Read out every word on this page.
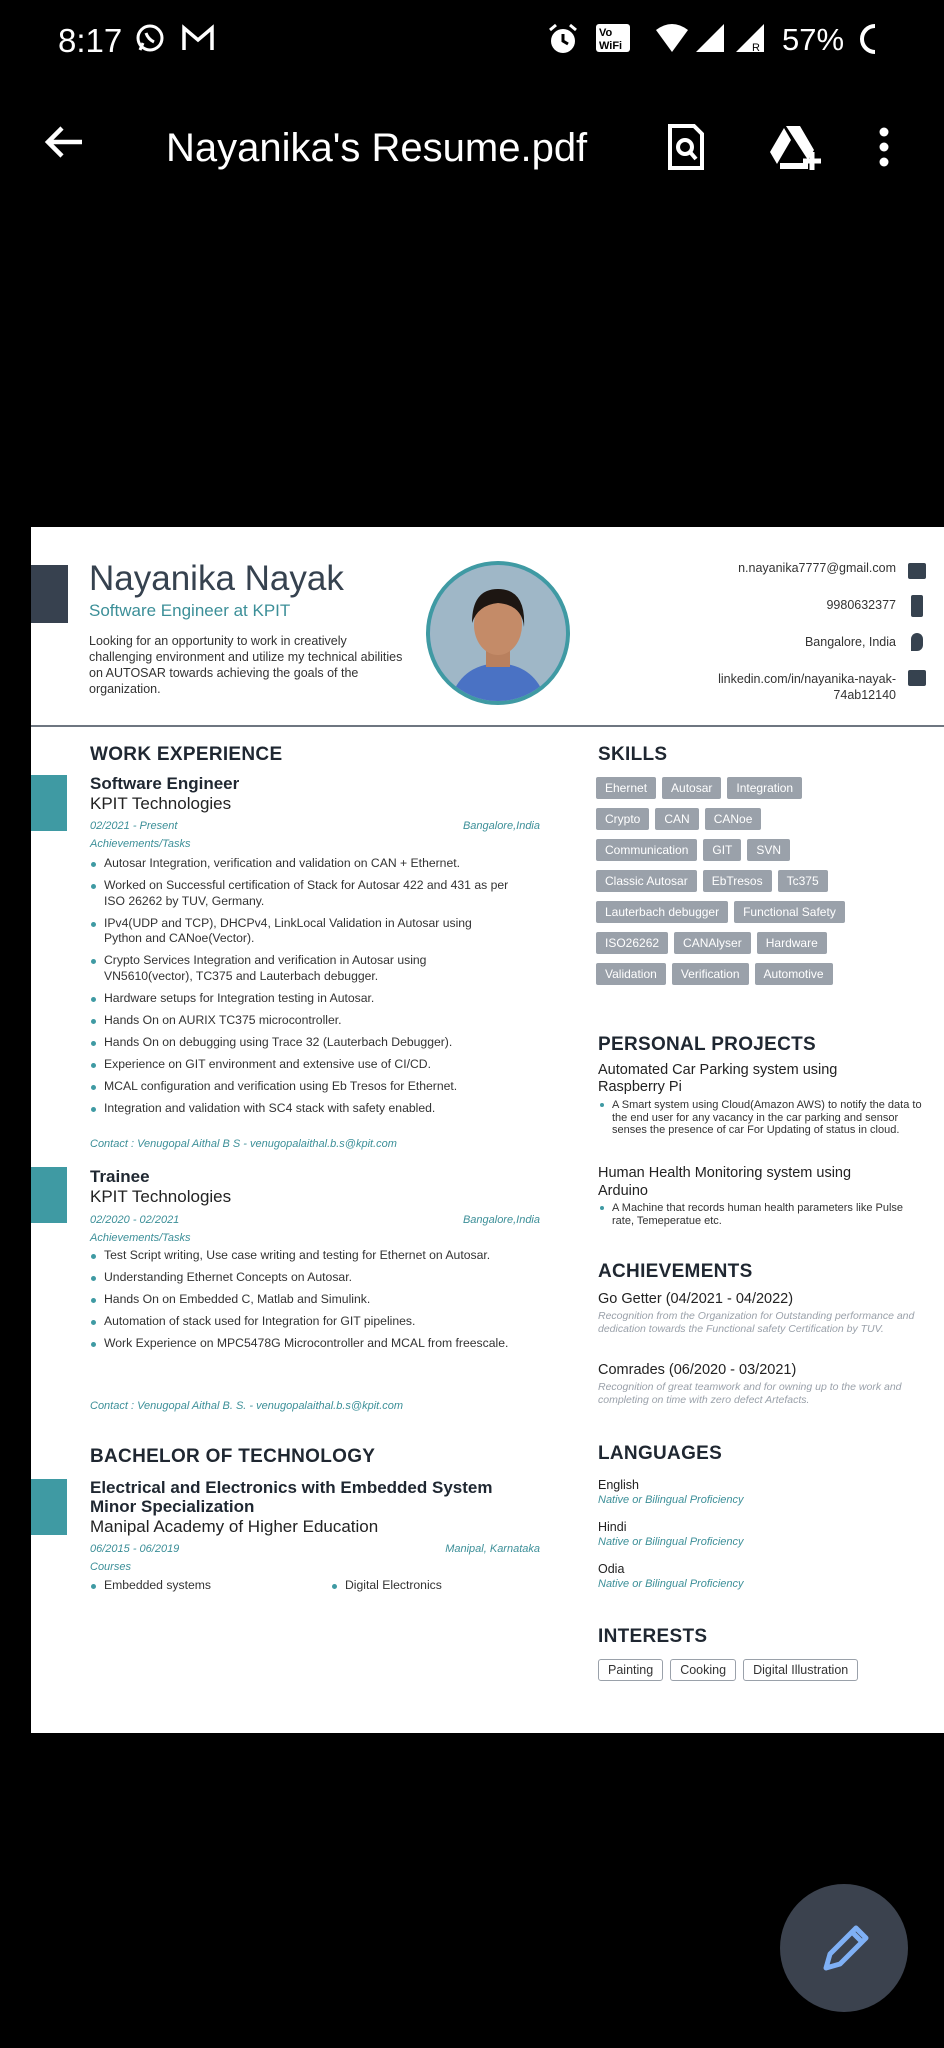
8:17	Vo
WiFi	R 57%
Nayanika's Resume.pdf
Nayanika Nayak
Software Engineer at KPIT
Looking for an opportunity to work in creatively challenging environment and utilize my technical abilities on AUTOSAR towards achieving the goals of the organization.
n.nayanika7777@gmail.com
9980632377
Bangalore, India
linkedin.com/in/nayanika-nayak-
74ab12140
WORK EXPERIENCE
Software Engineer
KPIT Technologies
02/2021 - Present	Bangalore,India
Achievements/Tasks
Autosar Integration, verification and validation on CAN + Ethernet.
Worked on Successful certification of Stack for Autosar 422 and 431 as per ISO 26262 by TUV, Germany.
IPv4(UDP and TCP), DHCPv4, LinkLocal Validation in Autosar using Python and CANoe(Vector).
Crypto Services Integration and verification in Autosar using VN5610(vector), TC375 and Lauterbach debugger.
Hardware setups for Integration testing in Autosar.
Hands On on AURIX TC375 microcontroller.
Hands On on debugging using Trace 32 (Lauterbach Debugger).
Experience on GIT environment and extensive use of CI/CD.
MCAL configuration and verification using Eb Tresos for Ethernet.
Integration and validation with SC4 stack with safety enabled.
Contact : Venugopal Aithal B S - venugopalaithal.b.s@kpit.com
Trainee
KPIT Technologies
02/2020 - 02/2021	Bangalore,India
Achievements/Tasks
Test Script writing, Use case writing and testing for Ethernet on Autosar.
Understanding Ethernet Concepts on Autosar.
Hands On on Embedded C, Matlab and Simulink.
Automation of stack used for Integration for GIT pipelines.
Work Experience on MPC5478G Microcontroller and MCAL from freescale.
Contact : Venugopal Aithal B. S. - venugopalaithal.b.s@kpit.com
BACHELOR OF TECHNOLOGY
Electrical and Electronics with Embedded System
Minor Specialization
Manipal Academy of Higher Education
06/2015 - 06/2019	Manipal, Karnataka
Courses
Embedded systems	Digital Electronics
SKILLS
Ehernet Autosar Integration
Crypto CAN CANoe
Communication GIT SVN
Classic Autosar EbTresos Tc375
Lauterbach debugger Functional Safety
ISO26262 CANAlyser Hardware
Validation Verification Automotive
PERSONAL PROJECTS
Automated Car Parking system using
Raspberry Pi
A Smart system using Cloud(Amazon AWS) to notify the data to the end user for any vacancy in the car parking and sensor senses the presence of car For Updating of status in cloud.
Human Health Monitoring system using
Arduino
A Machine that records human health parameters like Pulse rate, Temeperatue etc.
ACHIEVEMENTS
Go Getter (04/2021 - 04/2022)
Recognition from the Organization for Outstanding performance and dedication towards the Functional safety Certification by TUV.
Comrades (06/2020 - 03/2021)
Recognition of great teamwork and for owning up to the work and completing on time with zero defect Artefacts.
LANGUAGES
English
Native or Bilingual Proficiency
Hindi
Native or Bilingual Proficiency
Odia
Native or Bilingual Proficiency
INTERESTS
Painting Cooking Digital Illustration
